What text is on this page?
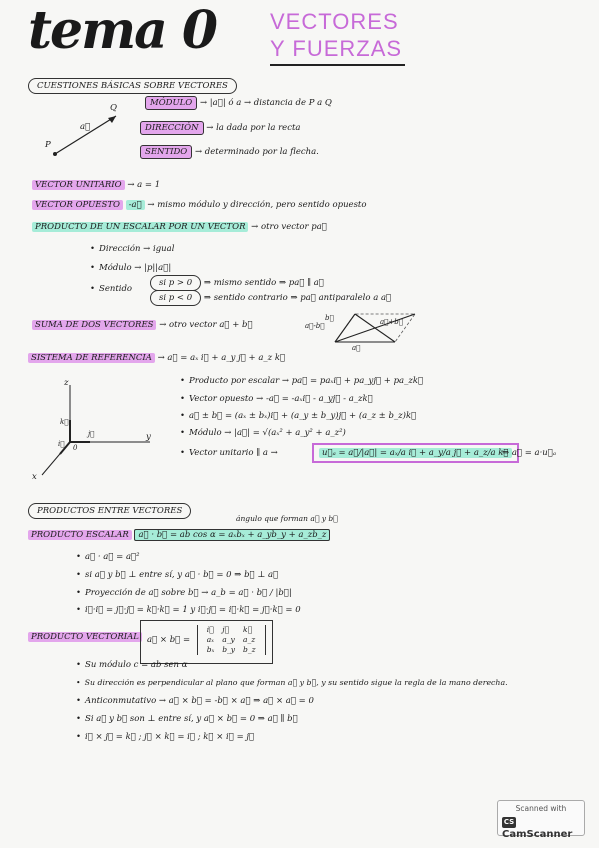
tema 0 VECTORES
Y FUERZAS
CUESTIONES BÁSICAS SOBRE VECTORES
Q
P
a⃗
MÓDULO → |a⃗| ó a → distancia de P a Q
DIRECCIÓN → la dada por la recta
SENTIDO → determinado por la flecha.
VECTOR UNITARIO → a = 1
VECTOR OPUESTO -a⃗ → mismo módulo y dirección, pero sentido opuesto
PRODUCTO DE UN ESCALAR POR UN VECTOR → otro vector pa⃗
• Dirección → igual
• Módulo → |p||a⃗|
• Sentido
si p > 0 ⇒ mismo sentido ⇒ pa⃗ ∥ a⃗
si p < 0 ⇒ sentido contrario ⇒ pa⃗ antiparalelo a a⃗
SUMA DE DOS VECTORES → otro vector a⃗ + b⃗	a⃗-b⃗
b⃗	a⃗+b⃗
a⃗
SISTEMA DE REFERENCIA → a⃗ = aₓ i⃗ + a_y j⃗ + a_z k⃗
z
y
x
k⃗
j⃗
i⃗ 0
• Producto por escalar → pa⃗ = paₓi⃗ + pa_yj⃗ + pa_zk⃗
• Vector opuesto → -a⃗ = -aₓi⃗ - a_yj⃗ - a_zk⃗
• a⃗ ± b⃗ = (aₓ ± bₓ)i⃗ + (a_y ± b_y)j⃗ + (a_z ± b_z)k⃗
• Módulo → |a⃗| = √(aₓ² + a_y² + a_z²)
• Vector unitario ∥ a →	u⃗ₐ = a⃗/|a⃗| = aₓ/a i⃗ + a_y/a j⃗ + a_z/a k⃗
⇒ a⃗ = a·u⃗ₐ
PRODUCTOS ENTRE VECTORES
ángulo que forman a⃗ y b⃗
PRODUCTO ESCALAR a⃗ · b⃗ = ab cos α = aₓbₓ + a_yb_y + a_zb_z
• a⃗ · a⃗ = a⃗²
• si a⃗ y b⃗ ⊥ entre sí, y a⃗ · b⃗ = 0 ⇒ b⃗ ⊥ a⃗
• Proyección de a⃗ sobre b⃗ → a_b = a⃗ · b⃗ / |b⃗|
• i⃗·i⃗ = j⃗·j⃗ = k⃗·k⃗ = 1 y i⃗·j⃗ = i⃗·k⃗ = j⃗·k⃗ = 0
PRODUCTO VECTORIAL a⃗ × b⃗ =
i⃗	j⃗	k⃗
aₓ	a_y	a_z
bₓ	b_y	b_z
• Su módulo c = ab sen α
• Su dirección es perpendicular al plano que forman a⃗ y b⃗, y su sentido sigue la regla de la mano derecha.
• Anticonmutativo → a⃗ × b⃗ = -b⃗ × a⃗ ⇒ a⃗ × a⃗ = 0
• Si a⃗ y b⃗ son ⊥ entre sí, y a⃗ × b⃗ = 0 ⇒ a⃗ ∥ b⃗
• i⃗ × j⃗ = k⃗ ; j⃗ × k⃗ = i⃗ ; k⃗ × i⃗ = j⃗
Scanned with
CSCamScanner
